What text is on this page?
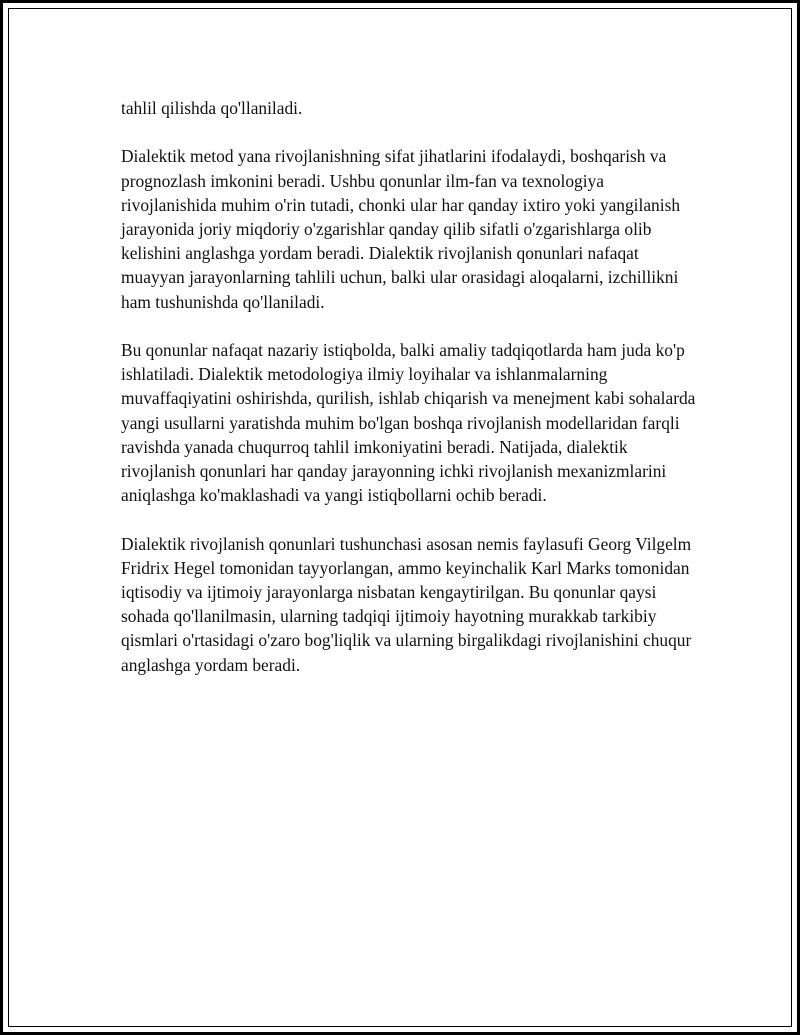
tahlil qilishda qo'llaniladi.

Dialektik metod yana rivojlanishning sifat jihatlarini ifodalaydi, boshqarish va prognozlash imkonini beradi. Ushbu qonunlar ilm-fan va texnologiya rivojlanishida muhim o'rin tutadi, chonki ular har qanday ixtiro yoki yangilanish jarayonida joriy miqdoriy o'zgarishlar qanday qilib sifatli o'zgarishlarga olib kelishini anglashga yordam beradi. Dialektik rivojlanish qonunlari nafaqat muayyan jarayonlarning tahlili uchun, balki ular orasidagi aloqalarni, izchillikni ham tushunishda qo'llaniladi.

Bu qonunlar nafaqat nazariy istiqbolda, balki amaliy tadqiqotlarda ham juda ko'p ishlatiladi. Dialektik metodologiya ilmiy loyihalar va ishlanmalarning muvaffaqiyatini oshirishda, qurilish, ishlab chiqarish va menejment kabi sohalarda yangi usullarni yaratishda muhim bo'lgan boshqa rivojlanish modellaridan farqli ravishda yanada chuqurroq tahlil imkoniyatini beradi. Natijada, dialektik rivojlanish qonunlari har qanday jarayonning ichki rivojlanish mexanizmlarini aniqlashga ko'maklashadi va yangi istiqbollarni ochib beradi.

Dialektik rivojlanish qonunlari tushunchasi asosan nemis faylasufi Georg Vilgelm Fridrix Hegel tomonidan tayyorlangan, ammo keyinchalik Karl Marks tomonidan iqtisodiy va ijtimoiy jarayonlarga nisbatan kengaytirilgan. Bu qonunlar qaysi sohada qo'llanilmasin, ularning tadqiqi ijtimoiy hayotning murakkab tarkibiy qismlari o'rtasidagi o'zaro bog'liqlik va ularning birgalikdagi rivojlanishini chuqur anglashga yordam beradi.
